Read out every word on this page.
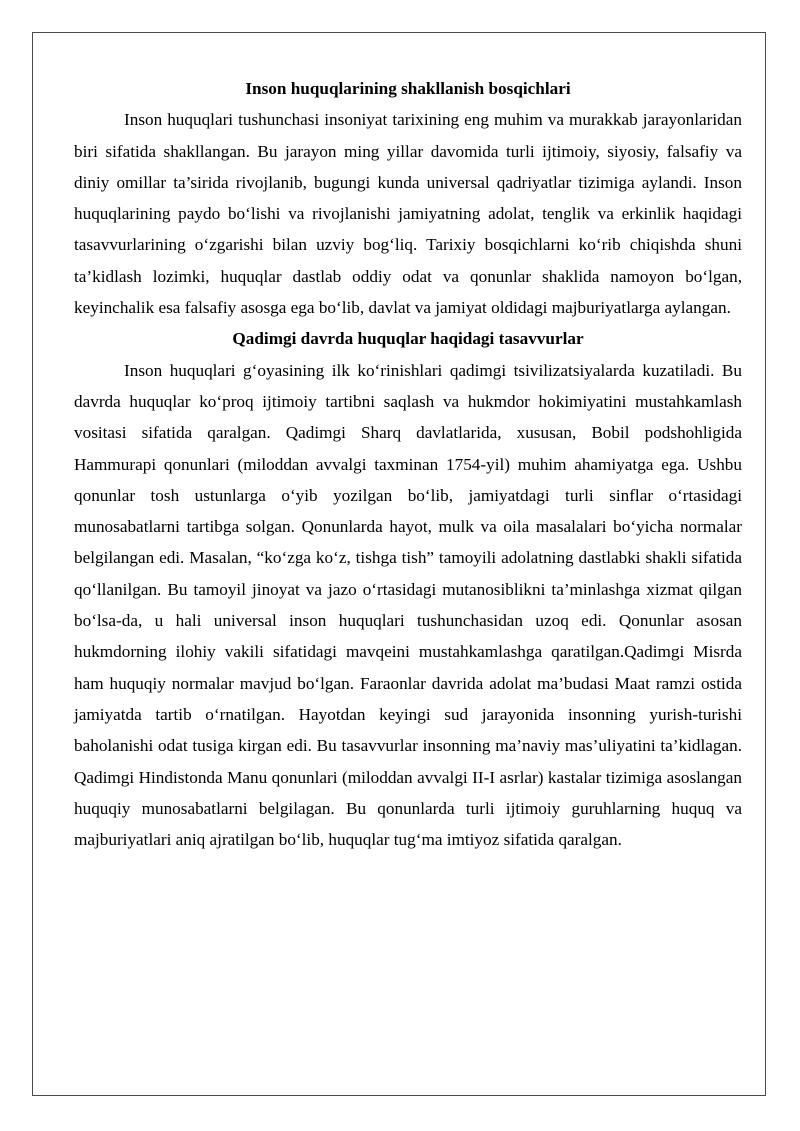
Inson huquqlarining shakllanish bosqichlari

Inson huquqlari tushunchasi insoniyat tarixining eng muhim va murakkab jarayonlaridan biri sifatida shakllangan. Bu jarayon ming yillar davomida turli ijtimoiy, siyosiy, falsafiy va diniy omillar ta’sirida rivojlanib, bugungi kunda universal qadriyatlar tizimiga aylandi. Inson huquqlarining paydo bo‘lishi va rivojlanishi jamiyatning adolat, tenglik va erkinlik haqidagi tasavvurlarining o‘zgarishi bilan uzviy bog‘liq. Tarixiy bosqichlarni ko‘rib chiqishda shuni ta’kidlash lozimki, huquqlar dastlab oddiy odat va qonunlar shaklida namoyon bo‘lgan, keyinchalik esa falsafiy asosga ega bo‘lib, davlat va jamiyat oldidagi majburiyatlarga aylangan.

Qadimgi davrda huquqlar haqidagi tasavvurlar

Inson huquqlari g‘oyasining ilk ko‘rinishlari qadimgi tsivilizatsiyalarda kuzatiladi. Bu davrda huquqlar ko‘proq ijtimoiy tartibni saqlash va hukmdor hokimiyatini mustahkamlash vositasi sifatida qaralgan. Qadimgi Sharq davlatlarida, xususan, Bobil podshohligida Hammurapi qonunlari (miloddan avvalgi taxminan 1754-yil) muhim ahamiyatga ega. Ushbu qonunlar tosh ustunlarga o‘yib yozilgan bo‘lib, jamiyatdagi turli sinflar o‘rtasidagi munosabatlarni tartibga solgan. Qonunlarda hayot, mulk va oila masalalari bo‘yicha normalar belgilangan edi. Masalan, “ko‘zga ko‘z, tishga tish” tamoyili adolatning dastlabki shakli sifatida qo‘llanilgan. Bu tamoyil jinoyat va jazo o‘rtasidagi mutanosiblikni ta’minlashga xizmat qilgan bo‘lsa-da, u hali universal inson huquqlari tushunchasidan uzoq edi. Qonunlar asosan hukmdorning ilohiy vakili sifatidagi mavqeini mustahkamlashga qaratilgan.Qadimgi Misrda ham huquqiy normalar mavjud bo‘lgan. Faraonlar davrida adolat ma’budasi Maat ramzi ostida jamiyatda tartib o‘rnatilgan. Hayotdan keyingi sud jarayonida insonning yurish-turishi baholanishi odat tusiga kirgan edi. Bu tasavvurlar insonning ma’naviy mas’uliyatini ta’kidlagan. Qadimgi Hindistonda Manu qonunlari (miloddan avvalgi II-I asrlar) kastalar tizimiga asoslangan huquqiy munosabatlarni belgilagan. Bu qonunlarda turli ijtimoiy guruhlarning huquq va majburiyatlari aniq ajratilgan bo‘lib, huquqlar tug‘ma imtiyoz sifatida qaralgan.
